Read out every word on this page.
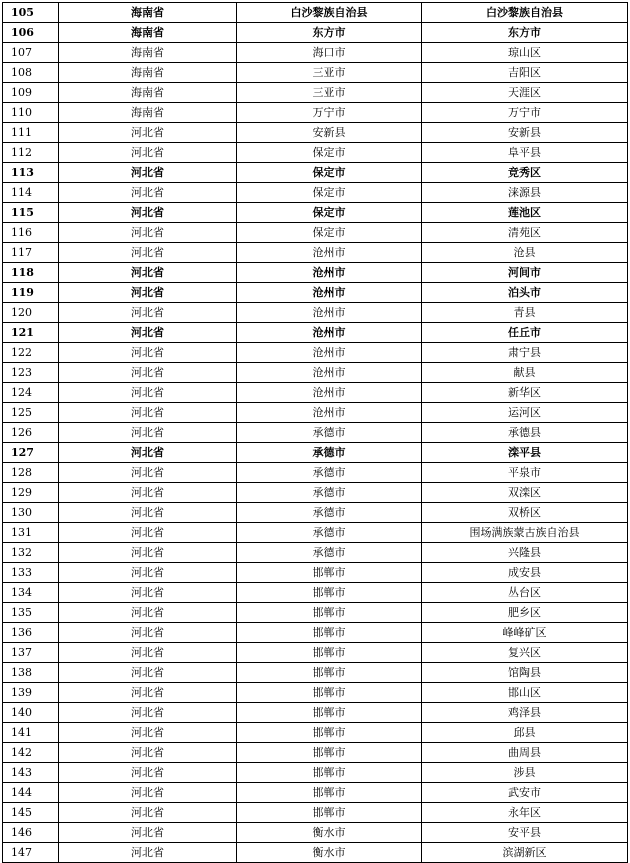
105	海南省	白沙黎族自治县	白沙黎族自治县
106	海南省	东方市	东方市
107	海南省	海口市	琼山区
108	海南省	三亚市	吉阳区
109	海南省	三亚市	天涯区
110	海南省	万宁市	万宁市
111	河北省	安新县	安新县
112	河北省	保定市	阜平县
113	河北省	保定市	竞秀区
114	河北省	保定市	涞源县
115	河北省	保定市	莲池区
116	河北省	保定市	清苑区
117	河北省	沧州市	沧县
118	河北省	沧州市	河间市
119	河北省	沧州市	泊头市
120	河北省	沧州市	青县
121	河北省	沧州市	任丘市
122	河北省	沧州市	肃宁县
123	河北省	沧州市	献县
124	河北省	沧州市	新华区
125	河北省	沧州市	运河区
126	河北省	承德市	承德县
127	河北省	承德市	滦平县
128	河北省	承德市	平泉市
129	河北省	承德市	双滦区
130	河北省	承德市	双桥区
131	河北省	承德市	围场满族蒙古族自治县
132	河北省	承德市	兴隆县
133	河北省	邯郸市	成安县
134	河北省	邯郸市	丛台区
135	河北省	邯郸市	肥乡区
136	河北省	邯郸市	峰峰矿区
137	河北省	邯郸市	复兴区
138	河北省	邯郸市	馆陶县
139	河北省	邯郸市	邯山区
140	河北省	邯郸市	鸡泽县
141	河北省	邯郸市	邱县
142	河北省	邯郸市	曲周县
143	河北省	邯郸市	涉县
144	河北省	邯郸市	武安市
145	河北省	邯郸市	永年区
146	河北省	衡水市	安平县
147	河北省	衡水市	滨湖新区
